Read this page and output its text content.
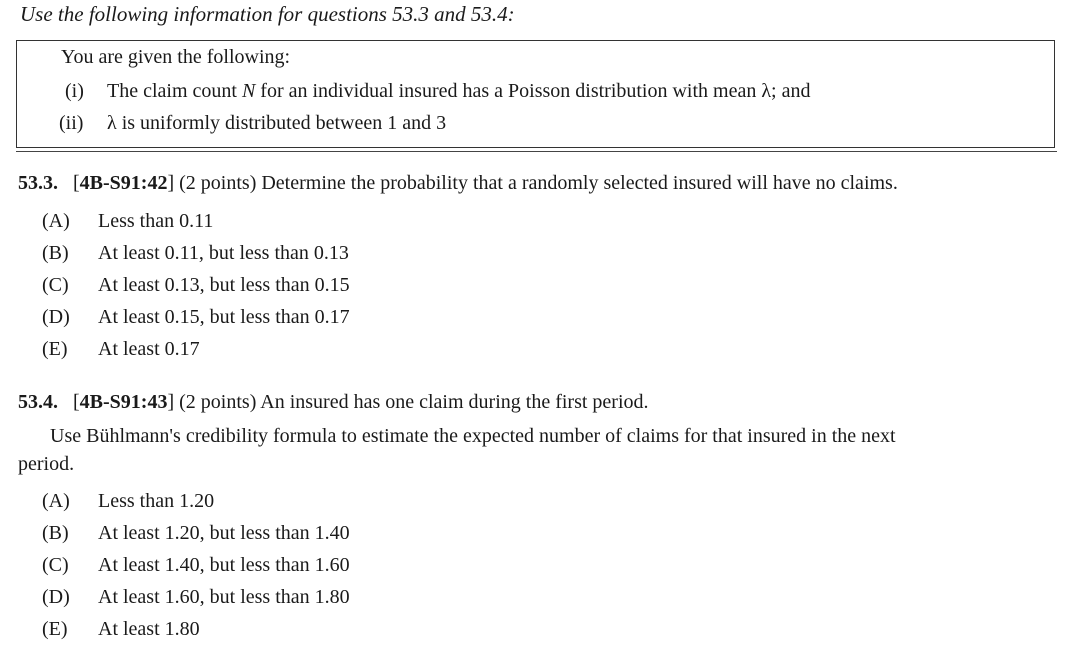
Use the following information for questions 53.3 and 53.4:
You are given the following:
(i) The claim count N for an individual insured has a Poisson distribution with mean λ; and
(ii) λ is uniformly distributed between 1 and 3
53.3. [4B-S91:42] (2 points) Determine the probability that a randomly selected insured will have no claims.
(A) Less than 0.11
(B) At least 0.11, but less than 0.13
(C) At least 0.13, but less than 0.15
(D) At least 0.15, but less than 0.17
(E) At least 0.17
53.4. [4B-S91:43] (2 points) An insured has one claim during the first period.
Use Bühlmann's credibility formula to estimate the expected number of claims for that insured in the next
period.
(A) Less than 1.20
(B) At least 1.20, but less than 1.40
(C) At least 1.40, but less than 1.60
(D) At least 1.60, but less than 1.80
(E) At least 1.80
